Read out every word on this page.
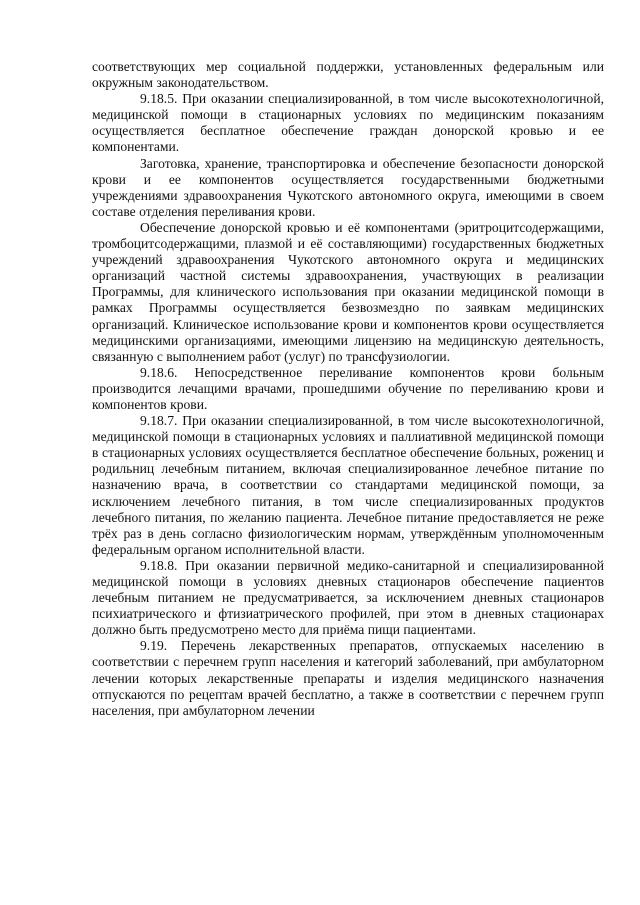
соответствующих мер социальной поддержки, установленных федеральным или окружным законодательством.

9.18.5. При оказании специализированной, в том числе высокотехнологичной, медицинской помощи в стационарных условиях по медицинским показаниям осуществляется бесплатное обеспечение граждан донорской кровью и ее компонентами.

Заготовка, хранение, транспортировка и обеспечение безопасности донорской крови и ее компонентов осуществляется государственными бюджетными учреждениями здравоохранения Чукотского автономного округа, имеющими в своем составе отделения переливания крови.

Обеспечение донорской кровью и её компонентами (эритроцитсодержащими, тромбоцитсодержащими, плазмой и её составляющими) государственных бюджетных учреждений здравоохранения Чукотского автономного округа и медицинских организаций частной системы здравоохранения, участвующих в реализации Программы, для клинического использования при оказании медицинской помощи в рамках Программы осуществляется безвозмездно по заявкам медицинских организаций. Клиническое использование крови и компонентов крови осуществляется медицинскими организациями, имеющими лицензию на медицинскую деятельность, связанную с выполнением работ (услуг) по трансфузиологии.

9.18.6. Непосредственное переливание компонентов крови больным производится лечащими врачами, прошедшими обучение по переливанию крови и компонентов крови.

9.18.7. При оказании специализированной, в том числе высокотехнологичной, медицинской помощи в стационарных условиях и паллиативной медицинской помощи в стационарных условиях осуществляется бесплатное обеспечение больных, рожениц и родильниц лечебным питанием, включая специализированное лечебное питание по назначению врача, в соответствии со стандартами медицинской помощи, за исключением лечебного питания, в том числе специализированных продуктов лечебного питания, по желанию пациента. Лечебное питание предоставляется не реже трёх раз в день согласно физиологическим нормам, утверждённым уполномоченным федеральным органом исполнительной власти.

9.18.8. При оказании первичной медико-санитарной и специализированной медицинской помощи в условиях дневных стационаров обеспечение пациентов лечебным питанием не предусматривается, за исключением дневных стационаров психиатрического и фтизиатрического профилей, при этом в дневных стационарах должно быть предусмотрено место для приёма пищи пациентами.

9.19. Перечень лекарственных препаратов, отпускаемых населению в соответствии с перечнем групп населения и категорий заболеваний, при амбулаторном лечении которых лекарственные препараты и изделия медицинского назначения отпускаются по рецептам врачей бесплатно, а также в соответствии с перечнем групп населения, при амбулаторном лечении
